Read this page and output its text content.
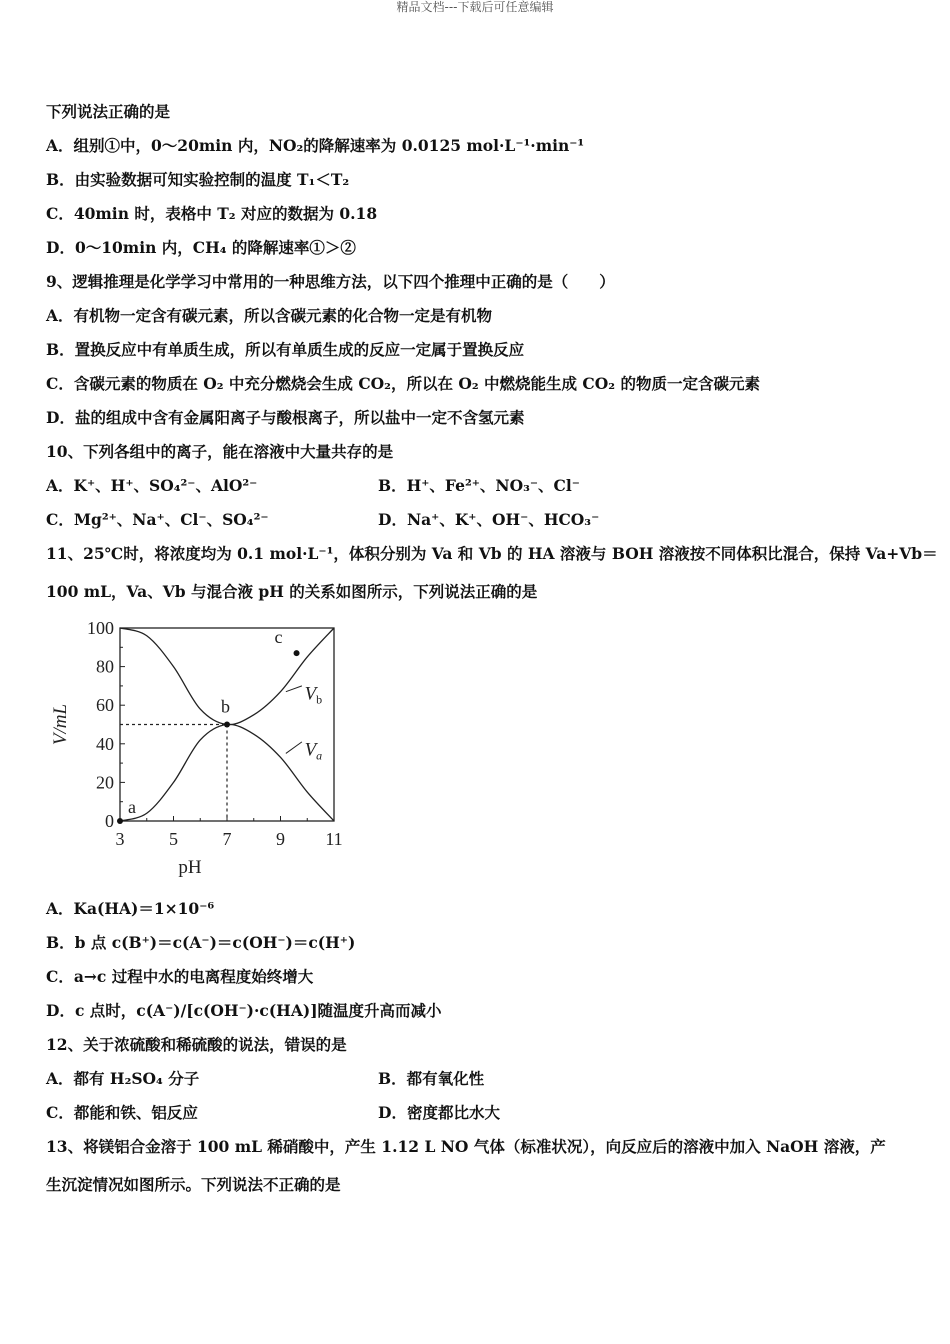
精品文档---下载后可任意编辑
下列说法正确的是
A．组别①中，0～20min 内，NO₂的降解速率为 0.0125 mol·L⁻¹·min⁻¹
B．由实验数据可知实验控制的温度 T₁＜T₂
C．40min 时，表格中 T₂ 对应的数据为 0.18
D．0～10min 内，CH₄ 的降解速率①＞②
9、逻辑推理是化学学习中常用的一种思维方法，以下四个推理中正确的是（　　）
A．有机物一定含有碳元素，所以含碳元素的化合物一定是有机物
B．置换反应中有单质生成，所以有单质生成的反应一定属于置换反应
C．含碳元素的物质在 O₂ 中充分燃烧会生成 CO₂，所以在 O₂ 中燃烧能生成 CO₂ 的物质一定含碳元素
D．盐的组成中含有金属阳离子与酸根离子，所以盐中一定不含氢元素
10、下列各组中的离子，能在溶液中大量共存的是
A．K⁺、H⁺、SO₄²⁻、AlO²⁻	B．H⁺、Fe²⁺、NO₃⁻、Cl⁻
C．Mg²⁺、Na⁺、Cl⁻、SO₄²⁻	D．Na⁺、K⁺、OH⁻、HCO₃⁻
11、25℃时，将浓度均为 0.1 mol·L⁻¹，体积分别为 Va 和 Vb 的 HA 溶液与 BOH 溶液按不同体积比混合，保持 Va+Vb＝
100 mL，Va、Vb 与混合液 pH 的关系如图所示，下列说法正确的是
0
20
40
60
80
100
3 5 7 9 11
pH
V/mL
$V_b$
$V_a$
a
b
c
A．Ka(HA)＝1×10⁻⁶
B．b 点 c(B⁺)＝c(A⁻)＝c(OH⁻)＝c(H⁺)
C．a→c 过程中水的电离程度始终增大
D．c 点时，c(A⁻)/[c(OH⁻)·c(HA)]随温度升高而减小
12、关于浓硫酸和稀硫酸的说法，错误的是
A．都有 H₂SO₄ 分子	B．都有氧化性
C．都能和铁、铝反应	D．密度都比水大
13、将镁铝合金溶于 100 mL 稀硝酸中，产生 1.12 L NO 气体（标准状况），向反应后的溶液中加入 NaOH 溶液，产
生沉淀情况如图所示。下列说法不正确的是
